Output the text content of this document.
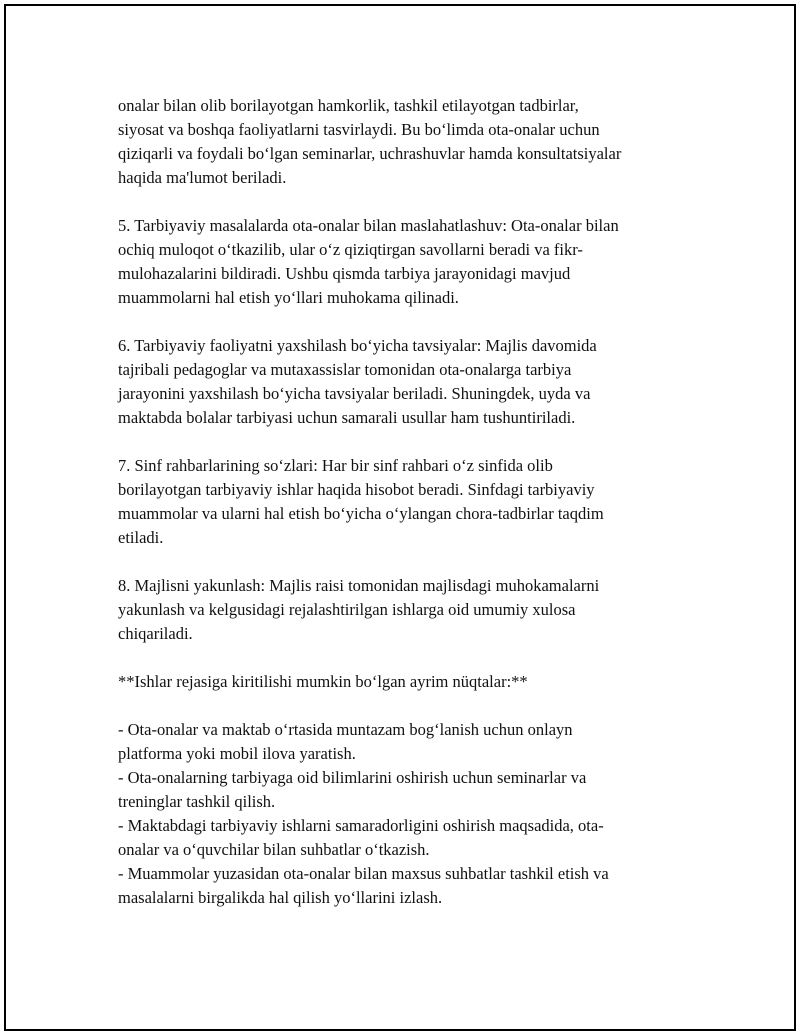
onalar bilan olib borilayotgan hamkorlik, tashkil etilayotgan tadbirlar,
siyosat va boshqa faoliyatlarni tasvirlaydi. Bu bo‘limda ota-onalar uchun
qiziqarli va foydali bo‘lgan seminarlar, uchrashuvlar hamda konsultatsiyalar
haqida ma'lumot beriladi.
5. Tarbiyaviy masalalarda ota-onalar bilan maslahatlashuv: Ota-onalar bilan
ochiq muloqot o‘tkazilib, ular o‘z qiziqtirgan savollarni beradi va fikr-
mulohazalarini bildiradi. Ushbu qismda tarbiya jarayonidagi mavjud
muammolarni hal etish yo‘llari muhokama qilinadi.
6. Tarbiyaviy faoliyatni yaxshilash bo‘yicha tavsiyalar: Majlis davomida
tajribali pedagoglar va mutaxassislar tomonidan ota-onalarga tarbiya
jarayonini yaxshilash bo‘yicha tavsiyalar beriladi. Shuningdek, uyda va
maktabda bolalar tarbiyasi uchun samarali usullar ham tushuntiriladi.
7. Sinf rahbarlarining so‘zlari: Har bir sinf rahbari o‘z sinfida olib
borilayotgan tarbiyaviy ishlar haqida hisobot beradi. Sinfdagi tarbiyaviy
muammolar va ularni hal etish bo‘yicha o‘ylangan chora-tadbirlar taqdim
etiladi.
8. Majlisni yakunlash: Majlis raisi tomonidan majlisdagi muhokamalarni
yakunlash va kelgusidagi rejalashtirilgan ishlarga oid umumiy xulosa
chiqariladi.
**Ishlar rejasiga kiritilishi mumkin bo‘lgan ayrim nüqtalar:**
- Ota-onalar va maktab o‘rtasida muntazam bog‘lanish uchun onlayn
platforma yoki mobil ilova yaratish.
- Ota-onalarning tarbiyaga oid bilimlarini oshirish uchun seminarlar va
treninglar tashkil qilish.
- Maktabdagi tarbiyaviy ishlarni samaradorligini oshirish maqsadida, ota-
onalar va o‘quvchilar bilan suhbatlar o‘tkazish.
- Muammolar yuzasidan ota-onalar bilan maxsus suhbatlar tashkil etish va
masalalarni birgalikda hal qilish yo‘llarini izlash.
